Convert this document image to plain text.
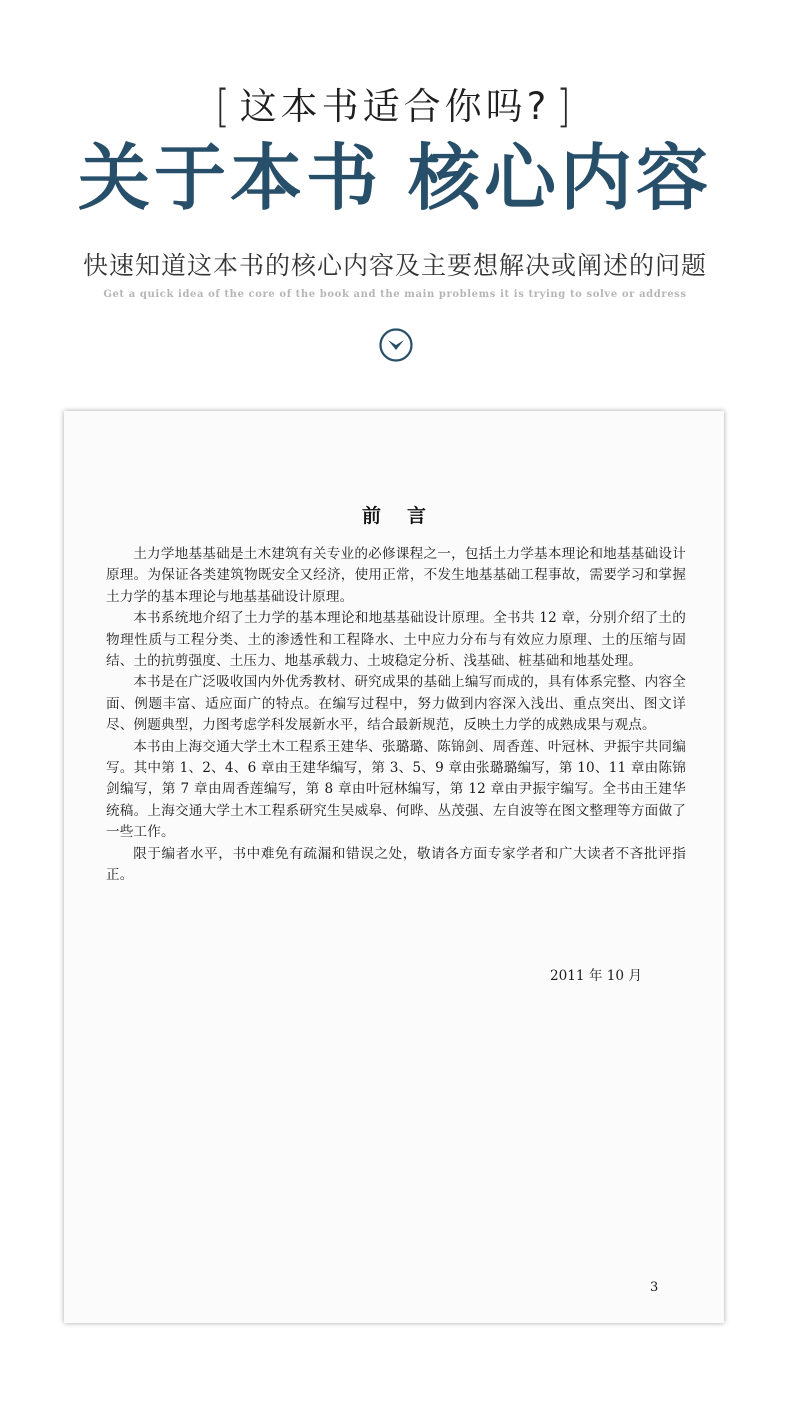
[ 这本书适合你吗? ]
关于本书 核心内容
快速知道这本书的核心内容及主要想解决或阐述的问题
Get a quick idea of the core of the book and the main problems it is trying to solve or address
前言

土力学地基基础是土木建筑有关专业的必修课程之一，包括土力学基本理论和地基基础设计原理。为保证各类建筑物既安全又经济，使用正常，不发生地基基础工程事故，需要学习和掌握土力学的基本理论与地基基础设计原理。

本书系统地介绍了土力学的基本理论和地基基础设计原理。全书共 12 章，分别介绍了土的物理性质与工程分类、土的渗透性和工程降水、土中应力分布与有效应力原理、土的压缩与固结、土的抗剪强度、土压力、地基承载力、土坡稳定分析、浅基础、桩基础和地基处理。

本书是在广泛吸收国内外优秀教材、研究成果的基础上编写而成的，具有体系完整、内容全面、例题丰富、适应面广的特点。在编写过程中，努力做到内容深入浅出、重点突出、图文详尽、例题典型，力图考虑学科发展新水平，结合最新规范，反映土力学的成熟成果与观点。

本书由上海交通大学土木工程系王建华、张璐璐、陈锦剑、周香莲、叶冠林、尹振宇共同编写。其中第 1、2、4、6 章由王建华编写，第 3、5、9 章由张璐璐编写，第 10、11 章由陈锦剑编写，第 7 章由周香莲编写，第 8 章由叶冠林编写，第 12 章由尹振宇编写。全书由王建华统稿。上海交通大学土木工程系研究生吴威皋、何晔、丛茂强、左自波等在图文整理等方面做了一些工作。

限于编者水平，书中难免有疏漏和错误之处，敬请各方面专家学者和广大读者不吝批评指正。

2011 年 10 月
3
